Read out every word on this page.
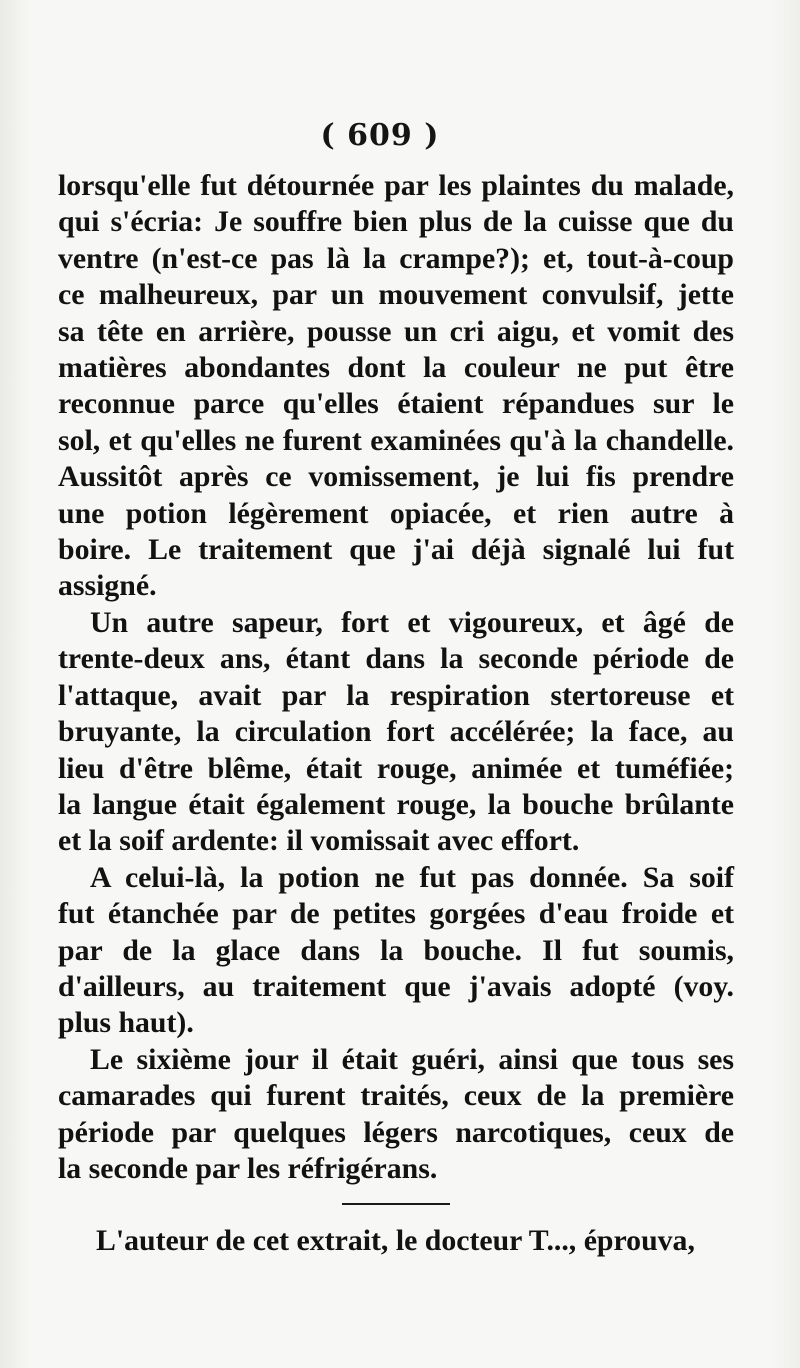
( 609 )
lorsqu'elle fut détournée par les plaintes du malade,
qui s'écria: Je souffre bien plus de la cuisse que du
ventre (n'est-ce pas là la crampe?); et, tout-à-coup
ce malheureux, par un mouvement convulsif, jette
sa tête en arrière, pousse un cri aigu, et vomit des
matières abondantes dont la couleur ne put être
reconnue parce qu'elles étaient répandues sur le
sol, et qu'elles ne furent examinées qu'à la chandelle.
Aussitôt après ce vomissement, je lui fis prendre
une potion légèrement opiacée, et rien autre à
boire. Le traitement que j'ai déjà signalé lui fut
assigné.
Un autre sapeur, fort et vigoureux, et âgé de
trente-deux ans, étant dans la seconde période de
l'attaque, avait par la respiration stertoreuse et
bruyante, la circulation fort accélérée; la face, au
lieu d'être blême, était rouge, animée et tuméfiée;
la langue était également rouge, la bouche brûlante
et la soif ardente: il vomissait avec effort.
A celui-là, la potion ne fut pas donnée. Sa soif
fut étanchée par de petites gorgées d'eau froide et
par de la glace dans la bouche. Il fut soumis,
d'ailleurs, au traitement que j'avais adopté (voy.
plus haut).
Le sixième jour il était guéri, ainsi que tous ses
camarades qui furent traités, ceux de la première
période par quelques légers narcotiques, ceux de
la seconde par les réfrigérans.
L'auteur de cet extrait, le docteur T..., éprouva,
